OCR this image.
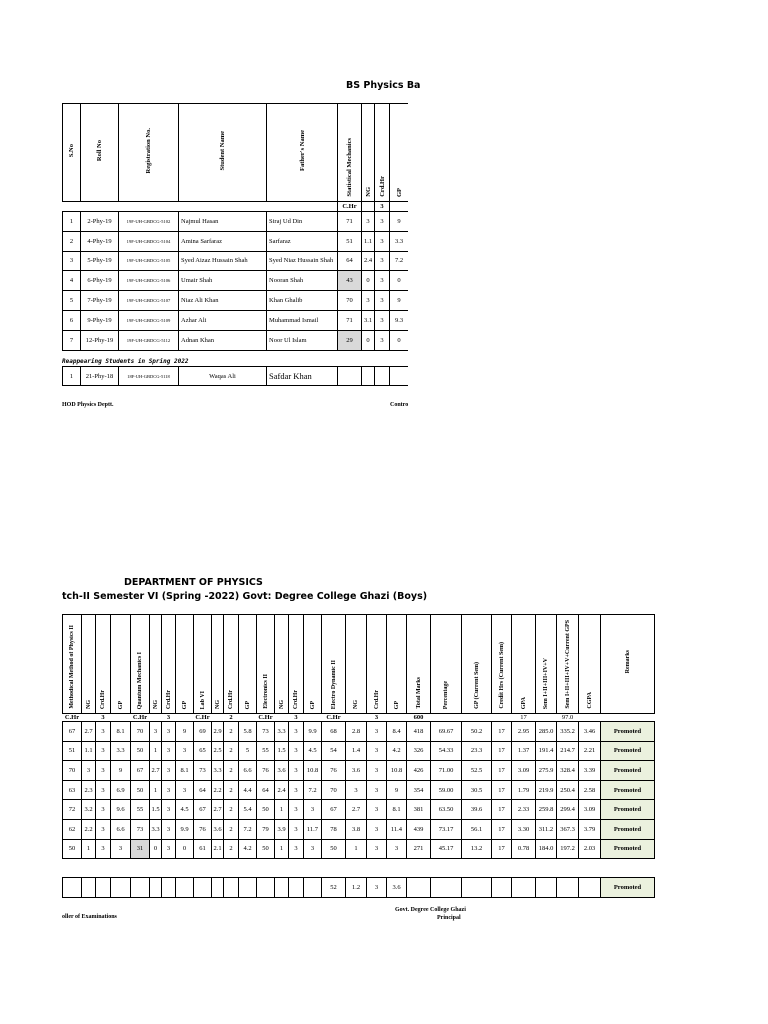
BS Physics Ba
S.No	Roll No	Registration No.	Student Name	Father's Name	Statistical Mechanics	NG	Crd.Hr	GP
					C.Hr		3	
1	2-Phy-19	19F-UH-GBDCG-5102	Najmul Hasan	Siraj Ud Din	71	3	3	9
2	4-Phy-19	19F-UH-GBDCG-5104	Amina Sarfaraz	Sarfaraz	51	1.1	3	3.3
3	5-Phy-19	19F-UH-GBDCG-5105	Syed Aizaz Hussain Shah	Syed Niaz Hussain Shah	64	2.4	3	7.2
4	6-Phy-19	19F-UH-GBDCG-5106	Umair Shah	Nooran Shah	43	0	3	0
5	7-Phy-19	19F-UH-GBDCG-5107	Niaz Ali Khan	Khan Ghalib	70	3	3	9
6	9-Phy-19	19F-UH-GBDCG-5109	Azhar Ali	Muhammad Ismail	71	3.1	3	9.3
7	12-Phy-19	19F-UH-GBDCG-5112	Adnan Khan	Noor Ul Islam	29	0	3	0
Reappearing Students in Spring 2022
1	21-Phy-18	18F-UH-GBDCG-5118	Waqas Ali	Safdar Khan				
HOD Physics Deptt.	Contro
DEPARTMENT OF PHYSICS
tch-II Semester VI (Spring -2022) Govt: Degree College Ghazi (Boys)
Methodical Method of Physics II	NG	Crd.Hr	GP	Quantum Mechanics I	NG	Crd.Hr	GP	Lab VI	NG	Crd.Hr	GP	Electronics II	NG	Crd.Hr	GP	Electro Dynamic II	NG	Crd.Hr	GP	Total Marks	Percentage	GP (Current Sem)	Credit Hrs (Current Sem)	GPA	Sem I+II+III+IV+V	Sem I+II+III+IV+V+Current GPS	CGPA	Remarks
C.Hr		3		C.Hr		3		C.Hr		2		C.Hr		3		C.Hr		3		600				17		97.0		
67	2.7	3	8.1	70	3	3	9	69	2.9	2	5.8	73	3.3	3	9.9	68	2.8	3	8.4	418	69.67	50.2	17	2.95	285.0	335.2	3.46	Promoted
51	1.1	3	3.3	50	1	3	3	65	2.5	2	5	55	1.5	3	4.5	54	1.4	3	4.2	326	54.33	23.3	17	1.37	191.4	214.7	2.21	Promoted
70	3	3	9	67	2.7	3	8.1	73	3.3	2	6.6	76	3.6	3	10.8	76	3.6	3	10.8	426	71.00	52.5	17	3.09	275.9	328.4	3.39	Promoted
63	2.3	3	6.9	50	1	3	3	64	2.2	2	4.4	64	2.4	3	7.2	70	3	3	9	354	59.00	30.5	17	1.79	219.9	250.4	2.58	Promoted
72	3.2	3	9.6	55	1.5	3	4.5	67	2.7	2	5.4	50	1	3	3	67	2.7	3	8.1	381	63.50	39.6	17	2.33	259.8	299.4	3.09	Promoted
62	2.2	3	6.6	73	3.3	3	9.9	76	3.6	2	7.2	79	3.9	3	11.7	78	3.8	3	11.4	439	73.17	56.1	17	3.30	311.2	367.3	3.79	Promoted
50	1	3	3	31	0	3	0	61	2.1	2	4.2	50	1	3	3	50	1	3	3	271	45.17	13.2	17	0.78	184.0	197.2	2.03	Promoted
																52	1.2	3	3.6									Promoted
oller of Examinations
Govt. Degree College Ghazi
Principal
